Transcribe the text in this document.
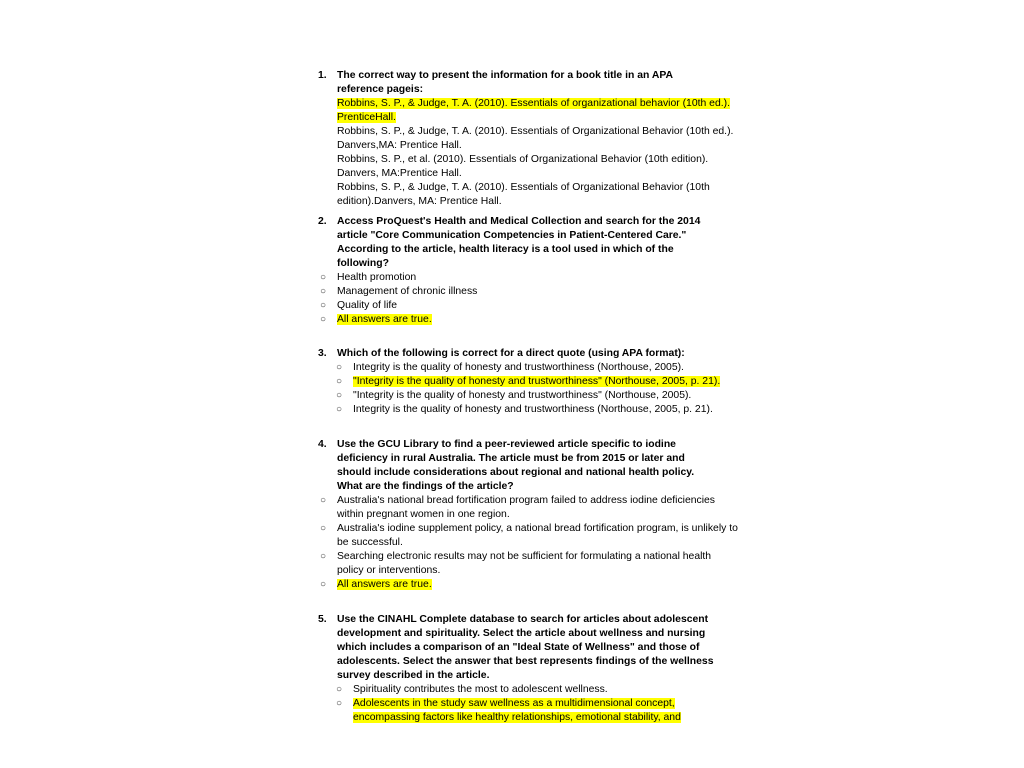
1. The correct way to present the information for a book title in an APA reference pageis:
Robbins, S. P., & Judge, T. A. (2010). Essentials of organizational behavior (10th ed.).
PrenticeHall.
Robbins, S. P., & Judge, T. A. (2010). Essentials of Organizational Behavior (10th ed.).
Danvers,MA: Prentice Hall.
Robbins, S. P., et al. (2010). Essentials of Organizational Behavior (10th edition).
Danvers, MA:Prentice Hall.
Robbins, S. P., & Judge, T. A. (2010). Essentials of Organizational Behavior (10th
edition).Danvers, MA: Prentice Hall.
2. Access ProQuest's Health and Medical Collection and search for the 2014 article "Core Communication Competencies in Patient-Centered Care." According to the article, health literacy is a tool used in which of the following?
○	Health promotion
○	Management of chronic illness
○	Quality of life
○	All answers are true.
3. Which of the following is correct for a direct quote (using APA format):
○	Integrity is the quality of honesty and trustworthiness (Northouse, 2005).
○	"Integrity is the quality of honesty and trustworthiness" (Northouse, 2005, p. 21).
○	"Integrity is the quality of honesty and trustworthiness" (Northouse, 2005).
○	Integrity is the quality of honesty and trustworthiness (Northouse, 2005, p. 21).
4. Use the GCU Library to find a peer-reviewed article specific to iodine deficiency in rural Australia. The article must be from 2015 or later and should include considerations about regional and national health policy. What are the findings of the article?
○	Australia's national bread fortification program failed to address iodine deficiencies within pregnant women in one region.
○	Australia's iodine supplement policy, a national bread fortification program, is unlikely to be successful.
○	Searching electronic results may not be sufficient for formulating a national health policy or interventions.
○	All answers are true.
5. Use the CINAHL Complete database to search for articles about adolescent development and spirituality. Select the article about wellness and nursing which includes a comparison of an "Ideal State of Wellness" and those of adolescents. Select the answer that best represents findings of the wellness survey described in the article.
○	Spirituality contributes the most to adolescent wellness.
○	Adolescents in the study saw wellness as a multidimensional concept, encompassing factors like healthy relationships, emotional stability, and
